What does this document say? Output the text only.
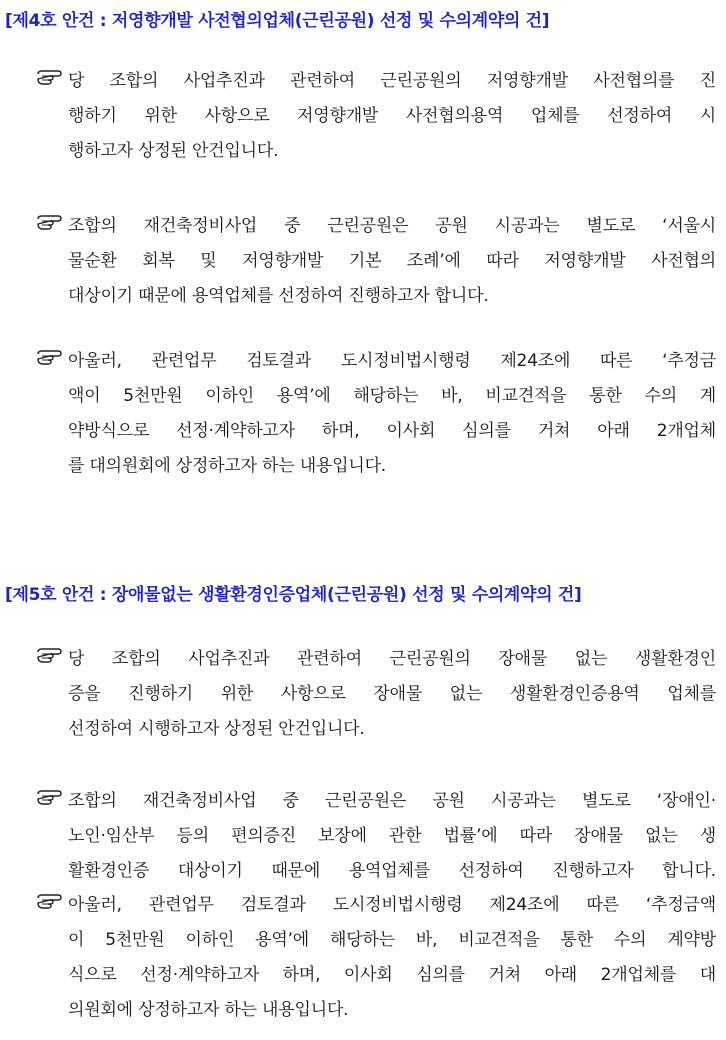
[제4호 안건 : 저영향개발 사전협의업체(근린공원) 선정 및 수의계약의 건]
당 조합의 사업추진과 관련하여 근린공원의 저영향개발 사전협의를 진
행하기 위한 사항으로 저영향개발 사전협의용역 업체를 선정하여 시
행하고자 상정된 안건입니다.
조합의 재건축정비사업 중 근린공원은 공원 시공과는 별도로 ‘서울시
물순환 회복 및 저영향개발 기본 조례’에 따라 저영향개발 사전협의
대상이기 때문에 용역업체를 선정하여 진행하고자 합니다.
아울러, 관련업무 검토결과 도시정비법시행령 제24조에 따른 ‘추정금
액이 5천만원 이하인 용역’에 해당하는 바, 비교견적을 통한 수의 계
약방식으로 선정·계약하고자 하며, 이사회 심의를 거쳐 아래 2개업체
를 대의원회에 상정하고자 하는 내용입니다.
[제5호 안건 : 장애물없는 생활환경인증업체(근린공원) 선정 및 수의계약의 건]
당 조합의 사업추진과 관련하여 근린공원의 장애물 없는 생활환경인
증을 진행하기 위한 사항으로 장애물 없는 생활환경인증용역 업체를
선정하여 시행하고자 상정된 안건입니다.
조합의 재건축정비사업 중 근린공원은 공원 시공과는 별도로 ‘장애인·
노인·임산부 등의 편의증진 보장에 관한 법률’에 따라 장애물 없는 생
활환경인증 대상이기 때문에 용역업체를 선정하여 진행하고자 합니다.
아울러, 관련업무 검토결과 도시정비법시행령 제24조에 따른 ‘추정금액
이 5천만원 이하인 용역’에 해당하는 바, 비교견적을 통한 수의 계약방
식으로 선정·계약하고자 하며, 이사회 심의를 거쳐 아래 2개업체를 대
의원회에 상정하고자 하는 내용입니다.
